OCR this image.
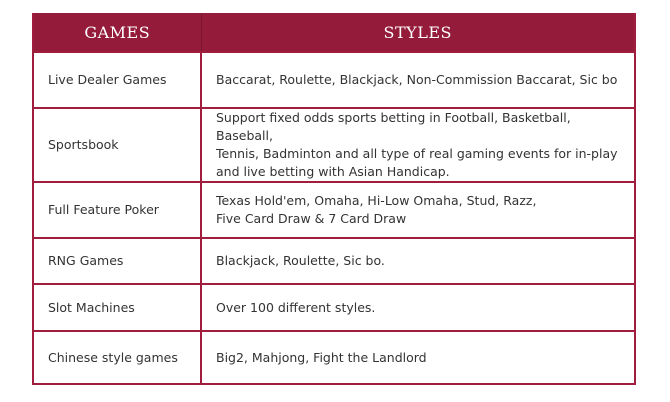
GAMES	STYLES
Live Dealer Games	Baccarat, Roulette, Blackjack, Non-Commission Baccarat, Sic bo

Sportsbook	Support fixed odds sports betting in Football, Basketball, Baseball,
Tennis, Badminton and all type of real gaming events for in-play
and live betting with Asian Handicap.

Full Feature Poker	Texas Hold'em, Omaha, Hi-Low Omaha, Stud, Razz,
Five Card Draw & 7 Card Draw

RNG Games	Blackjack, Roulette, Sic bo.

Slot Machines	Over 100 different styles.

Chinese style games	Big2, Mahjong, Fight the Landlord
